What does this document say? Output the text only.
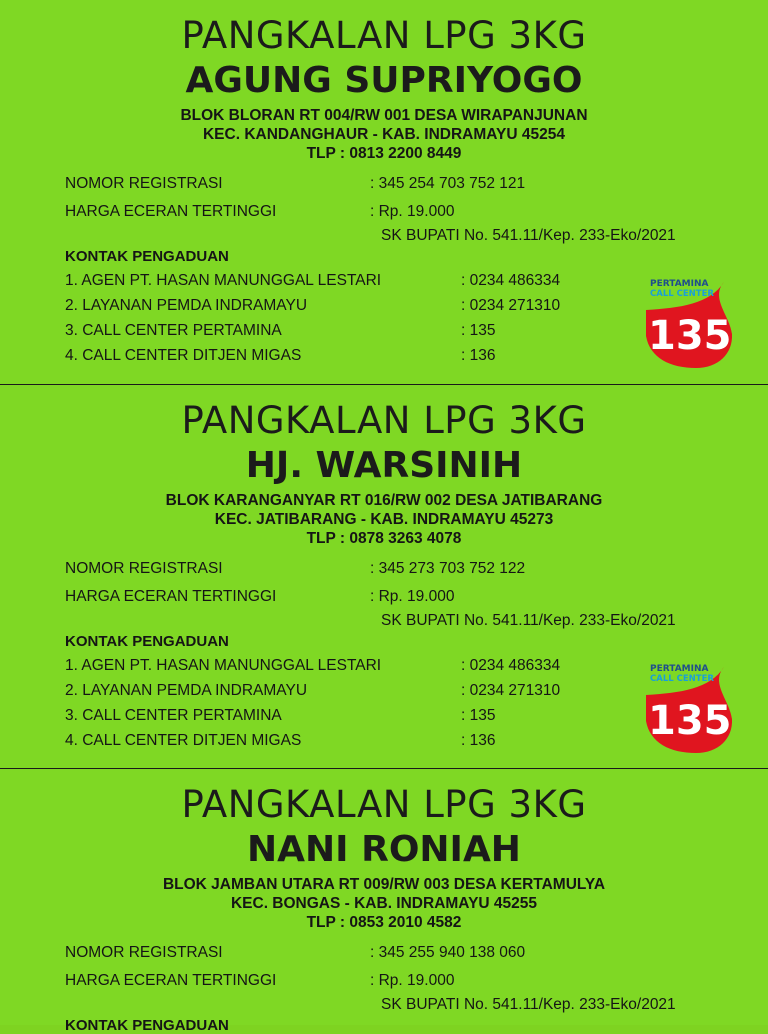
PANGKALAN LPG 3KG
AGUNG SUPRIYOGO
BLOK BLORAN RT 004/RW 001 DESA WIRAPANJUNAN
KEC. KANDANGHAUR - KAB. INDRAMAYU 45254
TLP : 0813 2200 8449
NOMOR REGISTRASI	: 345 254 703 752 121
HARGA ECERAN TERTINGGI	: Rp. 19.000
SK BUPATI No. 541.11/Kep. 233-Eko/2021
KONTAK PENGADUAN
1. AGEN PT. HASAN MANUNGGAL LESTARI	: 0234 486334
2. LAYANAN PEMDA INDRAMAYU	: 0234 271310
3. CALL CENTER PERTAMINA	: 135
4. CALL CENTER DITJEN MIGAS	: 136
PERTAMINA
CALL CENTER
135
PANGKALAN LPG 3KG
HJ. WARSINIH
BLOK KARANGANYAR RT 016/RW 002 DESA JATIBARANG
KEC. JATIBARANG - KAB. INDRAMAYU 45273
TLP : 0878 3263 4078
NOMOR REGISTRASI	: 345 273 703 752 122
HARGA ECERAN TERTINGGI	: Rp. 19.000
SK BUPATI No. 541.11/Kep. 233-Eko/2021
KONTAK PENGADUAN
1. AGEN PT. HASAN MANUNGGAL LESTARI	: 0234 486334
2. LAYANAN PEMDA INDRAMAYU	: 0234 271310
3. CALL CENTER PERTAMINA	: 135
4. CALL CENTER DITJEN MIGAS	: 136
PERTAMINA
CALL CENTER
135
PANGKALAN LPG 3KG
NANI RONIAH
BLOK JAMBAN UTARA RT 009/RW 003 DESA KERTAMULYA
KEC. BONGAS - KAB. INDRAMAYU 45255
TLP : 0853 2010 4582
NOMOR REGISTRASI	: 345 255 940 138 060
HARGA ECERAN TERTINGGI	: Rp. 19.000
SK BUPATI No. 541.11/Kep. 233-Eko/2021
KONTAK PENGADUAN
